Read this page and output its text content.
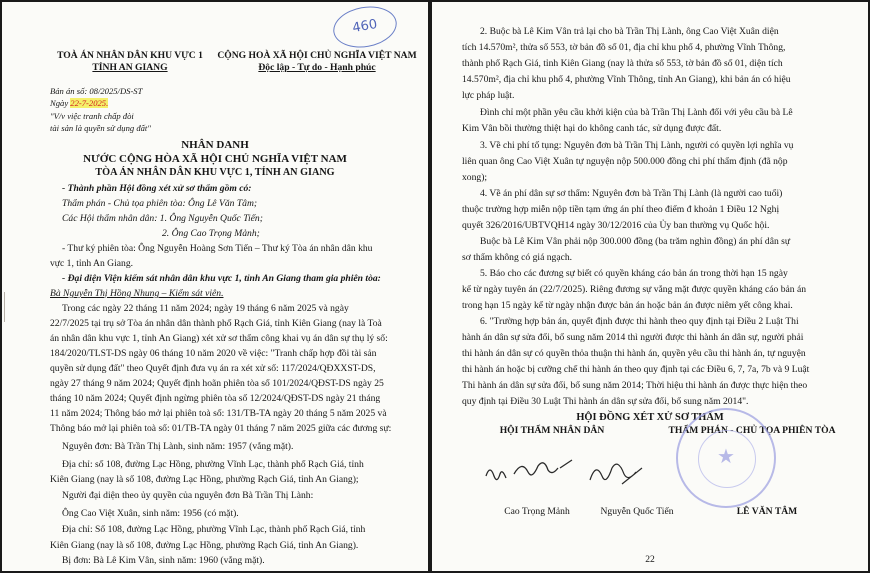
460
TOÀ ÁN NHÂN DÂN KHU VỰC 1
TỈNH AN GIANG
CỘNG HOÀ XÃ HỘI CHỦ NGHĨA VIỆT NAM
Độc lập - Tự do - Hạnh phúc
Bản án số: 08/2025/DS-ST
Ngày 22-7-2025.
"V/v việc tranh chấp đòi
tài sản là quyền sử dụng đất"
NHÂN DANH
NƯỚC CỘNG HÒA XÃ HỘI CHỦ NGHĨA VIỆT NAM
TÒA ÁN NHÂN DÂN KHU VỰC 1, TỈNH AN GIANG
- Thành phần Hội đồng xét xử sơ thẩm gồm có:
Thẩm phán - Chủ tọa phiên tòa: Ông Lê Văn Tâm;
Các Hội thẩm nhân dân: 1. Ông Nguyễn Quốc Tiến;
2. Ông Cao Trọng Mảnh;
- Thư ký phiên tòa: Ông Nguyễn Hoàng Sơn Tiến – Thư ký Tòa án nhân dân khu
vực 1, tỉnh An Giang.
- Đại diện Viện kiểm sát nhân dân khu vực 1, tỉnh An Giang tham gia phiên tòa:
Bà Nguyễn Thị Hồng Nhung – Kiểm sát viên.
Trong các ngày 22 tháng 11 năm 2024; ngày 19 tháng 6 năm 2025 và ngày
22/7/2025 tại trụ sở Tòa án nhân dân thành phố Rạch Giá, tỉnh Kiên Giang (nay là Toà
án nhân dân khu vực 1, tỉnh An Giang) xét xử sơ thẩm công khai vụ án dân sự thụ lý số:
184/2020/TLST-DS ngày 06 tháng 10 năm 2020 về việc: "Tranh chấp hợp đồi tài sản
quyền sử dụng đất" theo Quyết định đưa vụ án ra xét xử số: 117/2024/QĐXXST-DS,
ngày 27 tháng 9 năm 2024; Quyết định hoãn phiên tòa số 101/2024/QĐST-DS ngày 25
tháng 10 năm 2024; Quyết định ngừng phiên tòa số 12/2024/QĐST-DS ngày 21 tháng
11 năm 2024; Thông báo mở lại phiên toà số: 131/TB-TA ngày 20 tháng 5 năm 2025 và
Thông báo mở lại phiên toà số: 01/TB-TA ngày 01 tháng 7 năm 2025 giữa các đương sự:
Nguyên đơn: Bà Trần Thị Lành, sinh năm: 1957 (vắng mặt).
Địa chỉ: số 108, đường Lạc Hồng, phường Vĩnh Lạc, thành phố Rạch Giá, tỉnh
Kiên Giang (nay là số 108, đường Lạc Hồng, phường Rạch Giá, tỉnh An Giang);
Người đại diện theo ủy quyền của nguyên đơn Bà Trần Thị Lành:
Ông Cao Việt Xuân, sinh năm: 1956 (có mặt).
Địa chỉ: Số 108, đường Lạc Hồng, phường Vĩnh Lạc, thành phố Rạch Giá, tỉnh
Kiên Giang (nay là số 108, đường Lạc Hồng, phường Rạch Giá, tỉnh An Giang).
Bị đơn: Bà Lê Kim Vân, sinh năm: 1960 (vắng mặt).
2. Buộc bà Lê Kim Vân trả lại cho bà Trần Thị Lành, ông Cao Việt Xuân diện
tích 14.570m², thửa số 553, tờ bản đồ số 01, địa chỉ khu phố 4, phường Vĩnh Thông,
thành phố Rạch Giá, tỉnh Kiên Giang (nay là thửa số 553, tờ bản đồ số 01, diện tích
14.570m², địa chỉ khu phố 4, phường Vĩnh Thông, tỉnh An Giang), khi bản án có hiệu
lực pháp luật.
Đình chỉ một phần yêu cầu khởi kiện của bà Trần Thị Lành đối với yêu cầu bà Lê
Kim Vân bồi thường thiệt hại do không canh tác, sử dụng được đất.
3. Về chi phí tố tụng: Nguyên đơn bà Trần Thị Lành, người có quyền lợi nghĩa vụ
liên quan ông Cao Việt Xuân tự nguyện nộp 500.000 đồng chi phí thẩm định (đã nộp
xong);
4. Về án phí dân sự sơ thẩm: Nguyên đơn bà Trần Thị Lành (là người cao tuổi)
thuộc trường hợp miễn nộp tiền tạm ứng án phí theo điểm đ khoản 1 Điều 12 Nghị
quyết 326/2016/UBTVQH14 ngày 30/12/2016 của Ủy ban thường vụ Quốc hội.
Buộc bà Lê Kim Vân phải nộp 300.000 đồng (ba trăm nghìn đồng) án phí dân sự
sơ thẩm không có giá ngạch.
5. Báo cho các đương sự biết có quyền kháng cáo bản án trong thời hạn 15 ngày
kể từ ngày tuyên án (22/7/2025). Riêng đương sự vắng mặt được quyền kháng cáo bản án
trong hạn 15 ngày kể từ ngày nhận được bản án hoặc bản án được niêm yết công khai.
6. "Trường hợp bản án, quyết định được thi hành theo quy định tại Điều 2 Luật Thi
hành án dân sự sửa đổi, bổ sung năm 2014 thì người được thi hành án dân sự, người phải
thi hành án dân sự có quyền thỏa thuận thi hành án, quyền yêu cầu thi hành án, tự nguyện
thi hành án hoặc bị cưỡng chế thi hành án theo quy định tại các Điều 6, 7, 7a, 7b và 9 Luật
Thi hành án dân sự sửa đổi, bổ sung năm 2014; Thời hiệu thi hành án được thực hiện theo
quy định tại Điều 30 Luật Thi hành án dân sự sửa đổi, bổ sung năm 2014".
HỘI ĐỒNG XÉT XỬ SƠ THẨM
HỘI THẨM NHÂN DÂN	THẨM PHÁN - CHỦ TỌA PHIÊN TÒA
★
Cao Trọng Mảnh	Nguyễn Quốc Tiến	LÊ VĂN TÂM
22
